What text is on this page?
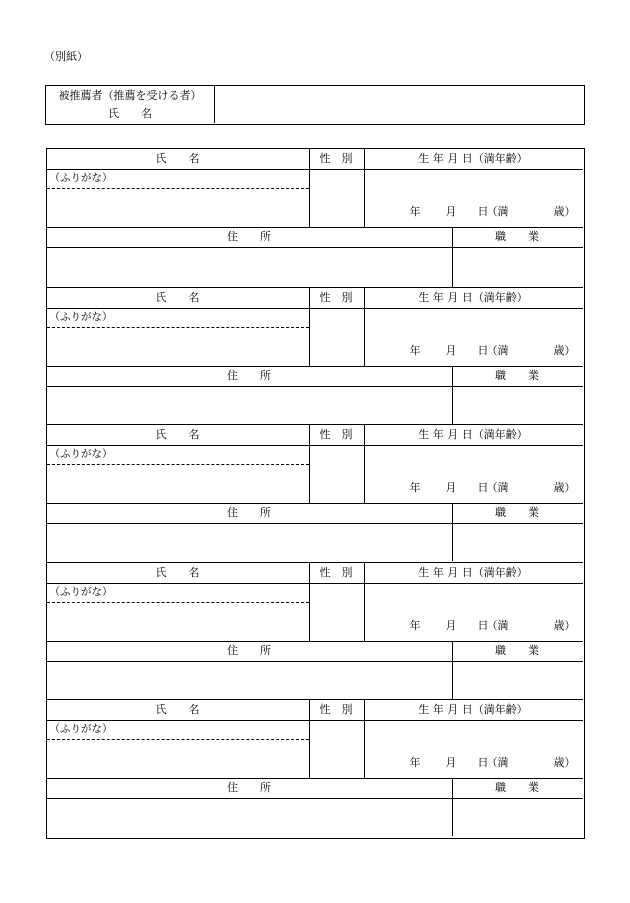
（別紙）
被推薦者（推薦を受ける者）
氏　　名
氏　　名	性　別	生 年 月 日（満年齢）
（ふりがな）
年 月 日
（満	歳）
住　　所	職　　業
氏　　名	性　別	生 年 月 日（満年齢）
（ふりがな）
年 月 日
（満	歳）
住　　所	職　　業
氏　　名	性　別	生 年 月 日（満年齢）
（ふりがな）
年 月 日
（満	歳）
住　　所	職　　業
氏　　名	性　別	生 年 月 日（満年齢）
（ふりがな）
年 月 日
（満	歳）
住　　所	職　　業
氏　　名	性　別	生 年 月 日（満年齢）
（ふりがな）
年 月 日
（満	歳）
住　　所	職　　業
